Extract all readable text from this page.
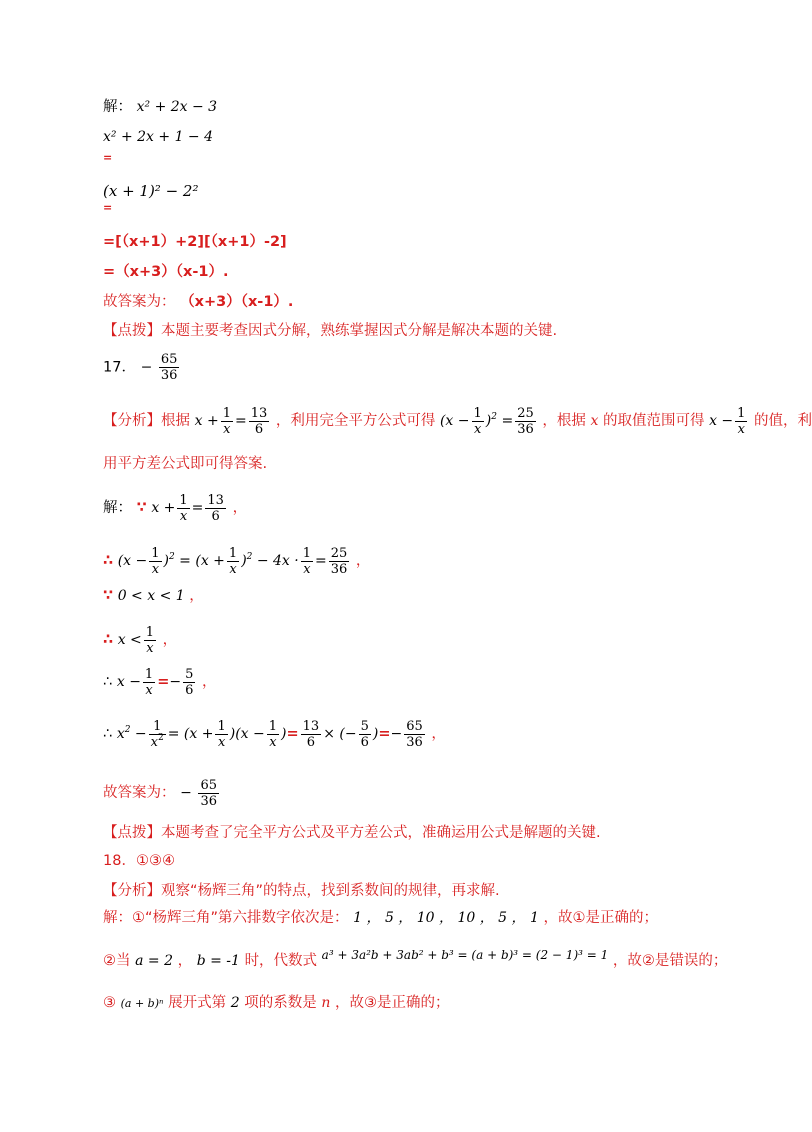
解： x² + 2x − 3
x² + 2x + 1 − 4
$_=$
(x + 1)² − 2²
$_=$
=[（x+1）+2][（x+1）-2]
=（x+3）（x-1）.
故答案为： （x+3）（x-1）.
【点拨】本题主要考查因式分解，熟练掌握因式分解是解决本题的关键.
17． − $\frac{65}{36}$
【分析】根据 $x + \frac{1}{x} = \frac{13}{6}$ ，利用完全平方公式可得 $(x - \frac{1}{x} )^2 = \frac{25}{36}$ ，根据 x 的取值范围可得 $x - \frac{1}{x}$ 的值，利
用平方差公式即可得答案.
解： ∵ $x + \frac{1}{x} = \frac{13}{6}$ ，
∴ $(x - \frac{1}{x} )^2 = (x + \frac{1}{x} )^2 - 4x \cdot \frac{1}{x} = \frac{25}{36}$ ，
∵ 0 < x < 1 ，
∴ $x < \frac{1}{x}$ ，
∴ $x - \frac{1}{x} =- \frac{5}{6}$ ，
∴ $x^2 - \frac{1}{x^2} = (x + \frac{1}{x} )(x - \frac{1}{x}$ )= $\frac{13}{6}$ × (− $\frac{5}{6}$ )=− $\frac{65}{36}$ ，
故答案为： − $\frac{65}{36}$
【点拨】本题考查了完全平方公式及平方差公式，准确运用公式是解题的关键.
18．①③④
【分析】观察“杨辉三角”的特点，找到系数间的规律，再求解.
解：①“杨辉三角”第六排数字依次是： 1 ， 5 ， 10 ， 10 ， 5 ， 1 ，故①是正确的；
②当 a = 2 ， b = -1 时，代数式 $^{a^3 + 3a^2b + 3ab^2 + b^3 = (a + b)^3 = (2 - 1)^3 = 1}$ ，故②是错误的；
③ (a + b)ⁿ 展开式第 2 项的系数是 n ，故③是正确的；
